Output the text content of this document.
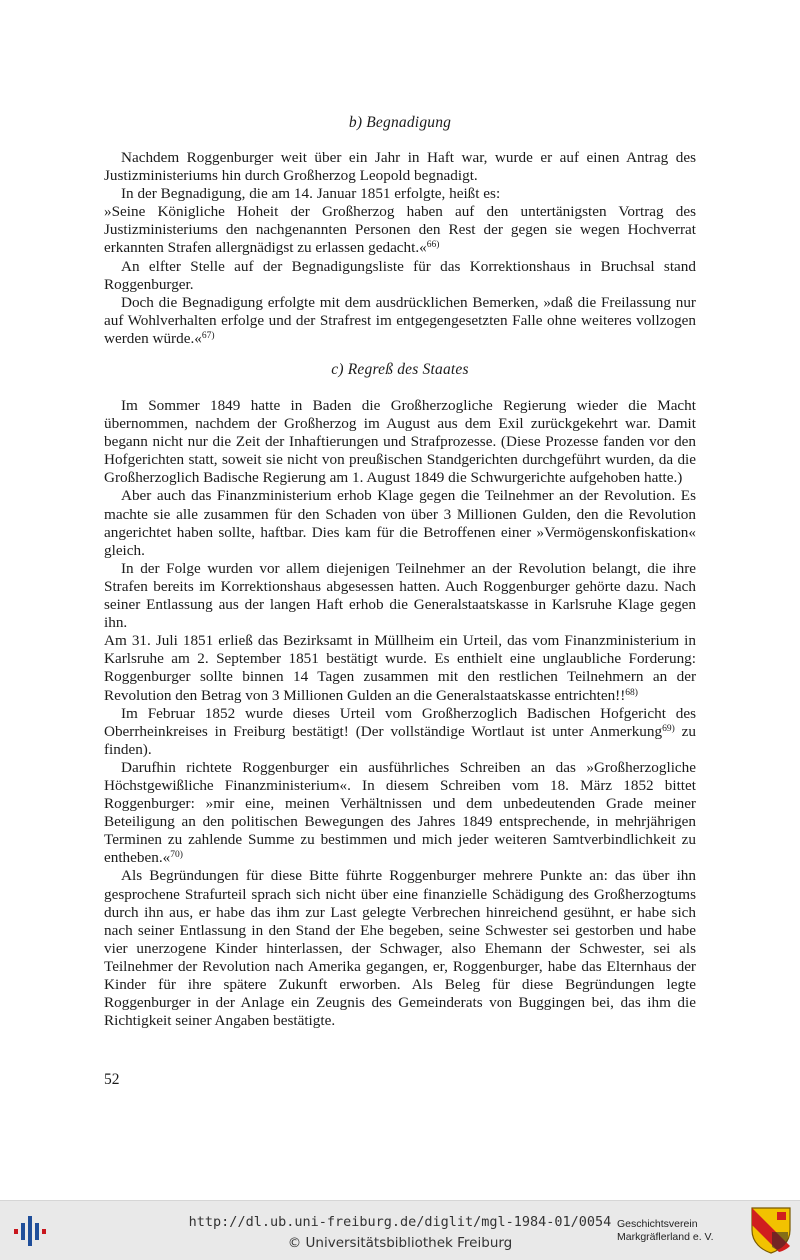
b) Begnadigung

Nachdem Roggenburger weit über ein Jahr in Haft war, wurde er auf einen Antrag des Justizministeriums hin durch Großherzog Leopold begnadigt.

In der Begnadigung, die am 14. Januar 1851 erfolgte, heißt es:

»Seine Königliche Hoheit der Großherzog haben auf den untertänigsten Vortrag des Justizministeriums den nachgenannten Personen den Rest der gegen sie wegen Hochverrat erkannten Strafen allergnädigst zu erlassen gedacht.«$^{66)}$

An elfter Stelle auf der Begnadigungsliste für das Korrektionshaus in Bruchsal stand Roggenburger.

Doch die Begnadigung erfolgte mit dem ausdrücklichen Bemerken, »daß die Freilassung nur auf Wohlverhalten erfolge und der Strafrest im entgegengesetzten Falle ohne weiteres vollzogen werden würde.«$^{67)}$

c) Regreß des Staates

Im Sommer 1849 hatte in Baden die Großherzogliche Regierung wieder die Macht übernommen, nachdem der Großherzog im August aus dem Exil zurückgekehrt war. Damit begann nicht nur die Zeit der Inhaftierungen und Strafprozesse. (Diese Prozesse fanden vor den Hofgerichten statt, soweit sie nicht von preußischen Standgerichten durchgeführt wurden, da die Großherzoglich Badische Regierung am 1. August 1849 die Schwurgerichte aufgehoben hatte.)

Aber auch das Finanzministerium erhob Klage gegen die Teilnehmer an der Revolution. Es machte sie alle zusammen für den Schaden von über 3 Millionen Gulden, den die Revolution angerichtet haben sollte, haftbar. Dies kam für die Betroffenen einer »Vermögenskonfiskation« gleich.

In der Folge wurden vor allem diejenigen Teilnehmer an der Revolution belangt, die ihre Strafen bereits im Korrektionshaus abgesessen hatten. Auch Roggenburger gehörte dazu. Nach seiner Entlassung aus der langen Haft erhob die Generalstaatskasse in Karlsruhe Klage gegen ihn.

Am 31. Juli 1851 erließ das Bezirksamt in Müllheim ein Urteil, das vom Finanzministerium in Karlsruhe am 2. September 1851 bestätigt wurde. Es enthielt eine unglaubliche Forderung: Roggenburger sollte binnen 14 Tagen zusammen mit den restlichen Teilnehmern an der Revolution den Betrag von 3 Millionen Gulden an die Generalstaatskasse entrichten!!$^{68)}$

Im Februar 1852 wurde dieses Urteil vom Großherzoglich Badischen Hofgericht des Oberrheinkreises in Freiburg bestätigt! (Der vollständige Wortlaut ist unter Anmerkung$^{69)}$ zu finden).

Darufhin richtete Roggenburger ein ausführliches Schreiben an das »Großherzogliche Höchstgewißliche Finanzministerium«. In diesem Schreiben vom 18. März 1852 bittet Roggenburger: »mir eine, meinen Verhältnissen und dem unbedeutenden Grade meiner Beteiligung an den politischen Bewegungen des Jahres 1849 entsprechende, in mehrjährigen Terminen zu zahlende Summe zu bestimmen und mich jeder weiteren Samtverbindlichkeit zu entheben.«$^{70)}$

Als Begründungen für diese Bitte führte Roggenburger mehrere Punkte an: das über ihn gesprochene Strafurteil sprach sich nicht über eine finanzielle Schädigung des Großherzogtums durch ihn aus, er habe das ihm zur Last gelegte Verbrechen hinreichend gesühnt, er habe sich nach seiner Entlassung in den Stand der Ehe begeben, seine Schwester sei gestorben und habe vier unerzogene Kinder hinterlassen, der Schwager, also Ehemann der Schwester, sei als Teilnehmer der Revolution nach Amerika gegangen, er, Roggenburger, habe das Elternhaus der Kinder für ihre spätere Zukunft erworben. Als Beleg für diese Begründungen legte Roggenburger in der Anlage ein Zeugnis des Gemeinderats von Buggingen bei, das ihm die Richtigkeit seiner Angaben bestätigte.

52
http://dl.ub.uni-freiburg.de/diglit/mgl-1984-01/0054
© Universitätsbibliothek Freiburg
Geschichtsverein
Markgräflerland e. V.
